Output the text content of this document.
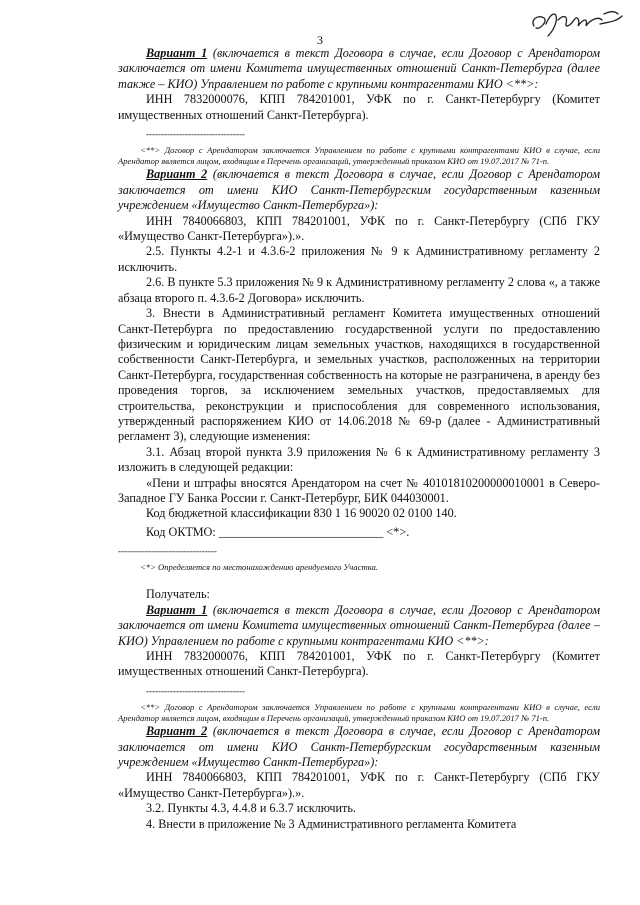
3

Вариант 1 (включается в текст Договора в случае, если Договор с Арендатором заключается от имени Комитета имущественных отношений Санкт-Петербурга (далее также – КИО) Управлением по работе с крупными контрагентами КИО <**>:

ИНН 7832000076, КПП 784201001, УФК по г. Санкт-Петербургу (Комитет имущественных отношений Санкт-Петербурга).

---------------------------------

<**> Договор с Арендатором заключается Управлением по работе с крупными контрагентами КИО в случае, если Арендатор является лицом, входящим в Перечень организаций, утвержденный приказом КИО от 19.07.2017 № 71-п.

Вариант 2 (включается в текст Договора в случае, если Договор с Арендатором заключается от имени КИО Санкт-Петербургским государственным казенным учреждением «Имущество Санкт-Петербурга»):

ИНН 7840066803, КПП 784201001, УФК по г. Санкт-Петербургу (СПб ГКУ «Имущество Санкт-Петербурга»).».

2.5. Пункты 4.2-1 и 4.3.6-2 приложения № 9 к Административному регламенту 2 исключить.

2.6. В пункте 5.3 приложения № 9 к Административному регламенту 2 слова «, а также абзаца второго п. 4.3.6-2 Договора» исключить.

3. Внести в Административный регламент Комитета имущественных отношений Санкт-Петербурга по предоставлению государственной услуги по предоставлению физическим и юридическим лицам земельных участков, находящихся в государственной собственности Санкт-Петербурга, и земельных участков, расположенных на территории Санкт-Петербурга, государственная собственность на которые не разграничена, в аренду без проведения торгов, за исключением земельных участков, предоставляемых для строительства, реконструкции и приспособления для современного использования, утвержденный распоряжением КИО от 14.06.2018 № 69-р (далее - Административный регламент 3), следующие изменения:

3.1. Абзац второй пункта 3.9 приложения № 6 к Административному регламенту 3 изложить в следующей редакции:

«Пени и штрафы вносятся Арендатором на счет № 40101810200000010001 в Северо-Западное ГУ Банка России г. Санкт-Петербург, БИК 044030001.

Код бюджетной классификации 830 1 16 90020 02 0100 140.

Код ОКТМО: ___________________________ <*>.

---------------------------------

<*> Определяется по местонахождению арендуемого Участка.

Получатель:

Вариант 1 (включается в текст Договора в случае, если Договор с Арендатором заключается от имени Комитета имущественных отношений Санкт-Петербурга (далее – КИО) Управлением по работе с крупными контрагентами КИО <**>:

ИНН 7832000076, КПП 784201001, УФК по г. Санкт-Петербургу (Комитет имущественных отношений Санкт-Петербурга).

---------------------------------

<**> Договор с Арендатором заключается Управлением по работе с крупными контрагентами КИО в случае, если Арендатор является лицом, входящим в Перечень организаций, утвержденный приказом КИО от 19.07.2017 № 71-п.

Вариант 2 (включается в текст Договора в случае, если Договор с Арендатором заключается от имени КИО Санкт-Петербургским государственным казенным учреждением «Имущество Санкт-Петербурга»):

ИНН 7840066803, КПП 784201001, УФК по г. Санкт-Петербургу (СПб ГКУ «Имущество Санкт-Петербурга»).».

3.2. Пункты 4.3, 4.4.8 и 6.3.7 исключить.

4. Внести в приложение № 3 Административного регламента Комитета
